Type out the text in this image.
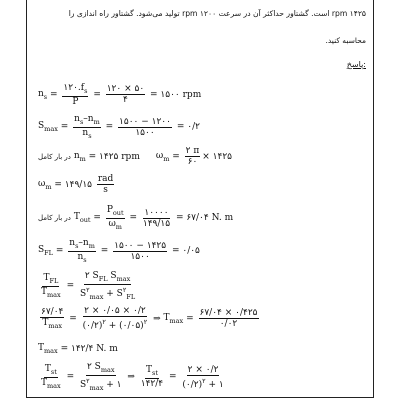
۱۴۲۵ rpm است. گشتاور حداکثر آن در سرعت ۱۲۰۰ rpm تولید می‌شود. گشتاور راه اندازی را
محاسبه کنید.
پاسخ:
$n_s = \frac{۱۲۰.f_s}{P} = \frac{۱۲۰ \times ۵۰}{۴}$
= ۱۵۰۰ rpm
$S_{max} = \frac{n_s-n_m}{n_s} = \frac{۱۵۰۰ - ۱۲۰۰}{۱۵۰۰}$
= ۰/۲
در بار کامل
$n_m$
= ۱۴۲۵ rpm $\omega_m = \frac{۲ \pi}{۶۰}$ × ۱۴۲۵
$\omega_m$
= ۱۴۹/۱۵
$\frac{\text{rad}}{s}$
در بار کامل
$T_{out} = \frac{P_{out}}{\omega_m} = \frac{۱۰۰۰۰}{۱۴۹/۱۵}$
= ۶۷/۰۴ N. m
$S_{FL} = \frac{n_s-n_m}{n_s} = \frac{۱۵۰۰ - ۱۴۲۵}{۱۵۰۰}$
= ۰/۰۵
$\frac{T_{FL}}{T_{max}} = \frac{۲ S_{FL} S_{max}}{S^۲_{max} + S^۲_{FL}}$
$\frac{۶۷/۰۴}{T_{max}} = \frac{۲ \times ۰/۰۵ \times ۰/۲}{(۰/۲)^۲ + (۰/۰۵)^۲}$
⇒
$T_{max} = \frac{۶۷/۰۴ \times ۰/۴۲۵}{۰/۰۲}$
$T_{max}$
= ۱۴۲/۴ N. m
$\frac{T_{st}}{T_{max}} = \frac{۲ S_{max}}{S^۲_{max} + ۱}$ ⇒ $\frac{T_{st}}{۱۴۲/۴} = \frac{۲ \times ۰/۲}{(۰/۲)^۲ + ۱}$
